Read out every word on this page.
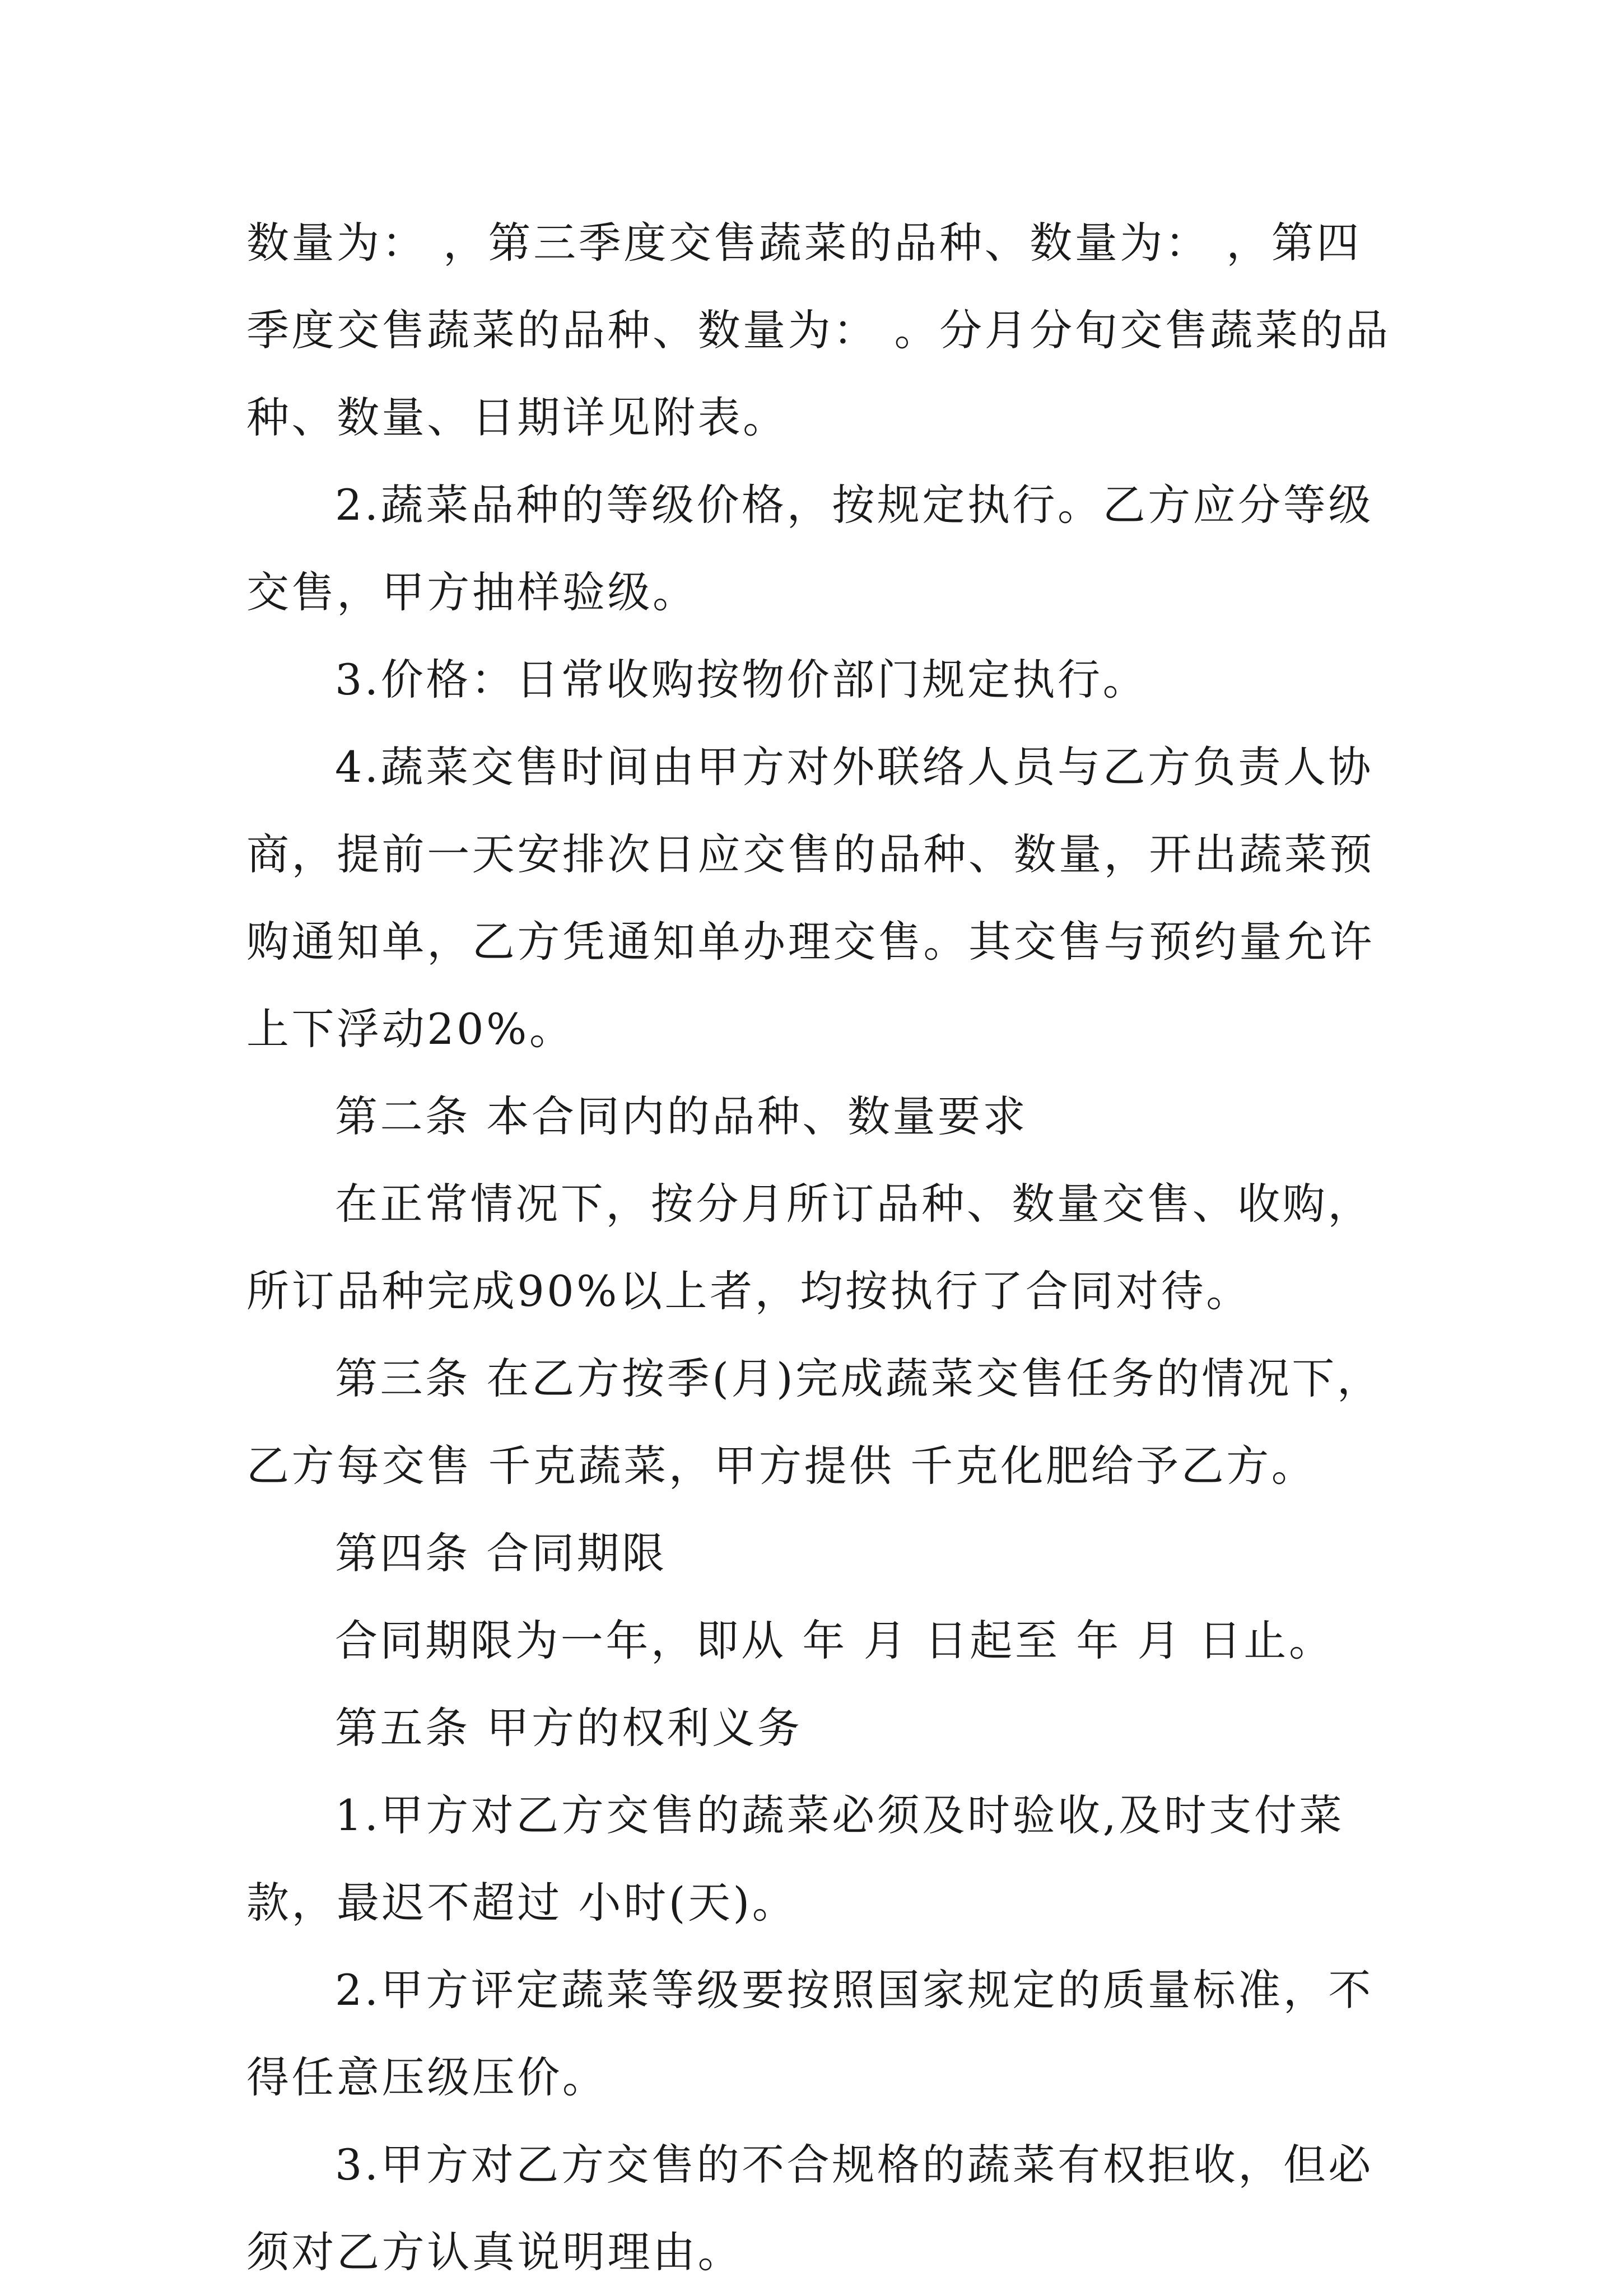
数量为： ，第三季度交售蔬菜的品种、数量为： ，第四季度交售蔬菜的品种、数量为： 。分月分旬交售蔬菜的品种、数量、日期详见附表。

2.蔬菜品种的等级价格，按规定执行。乙方应分等级交售，甲方抽样验级。

3.价格：日常收购按物价部门规定执行。

4.蔬菜交售时间由甲方对外联络人员与乙方负责人协商，提前一天安排次日应交售的品种、数量，开出蔬菜预购通知单，乙方凭通知单办理交售。其交售与预约量允许上下浮动20%。

第二条 本合同内的品种、数量要求

在正常情况下，按分月所订品种、数量交售、收购，所订品种完成90%以上者，均按执行了合同对待。

第三条 在乙方按季(月)完成蔬菜交售任务的情况下，乙方每交售 千克蔬菜，甲方提供 千克化肥给予乙方。

第四条 合同期限

合同期限为一年，即从 年 月 日起至 年 月 日止。

第五条 甲方的权利义务

1.甲方对乙方交售的蔬菜必须及时验收,及时支付菜款，最迟不超过 小时(天)。

2.甲方评定蔬菜等级要按照国家规定的质量标准，不得任意压级压价。

3.甲方对乙方交售的不合规格的蔬菜有权拒收，但必须对乙方认真说明理由。
